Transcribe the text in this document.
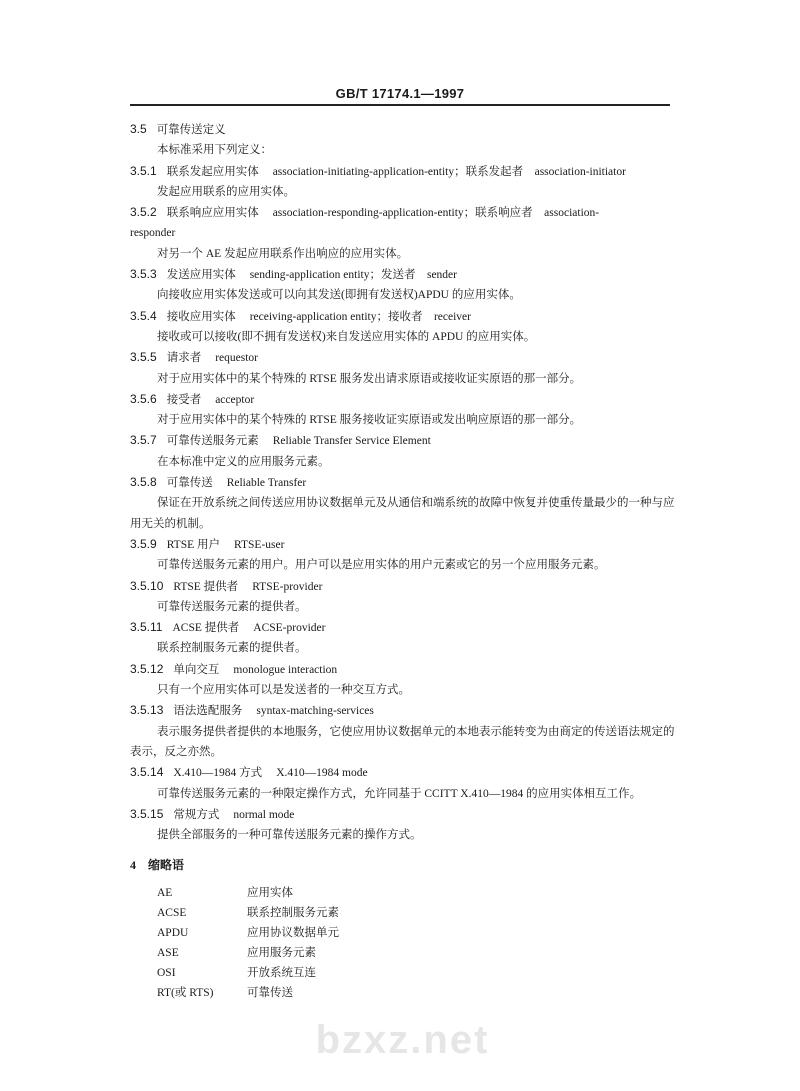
GB/T 17174.1—1997
3.5 可靠传送定义
本标准采用下列定义：
3.5.1 联系发起应用实体 association-initiating-application-entity；联系发起者　association-initiator
发起应用联系的应用实体。
3.5.2 联系响应应用实体 association-responding-application-entity；联系响应者　association-
responder
对另一个 AE 发起应用联系作出响应的应用实体。
3.5.3 发送应用实体 sending-application entity；发送者　sender
向接收应用实体发送或可以向其发送(即拥有发送权)APDU 的应用实体。
3.5.4 接收应用实体 receiving-application entity；接收者　receiver
接收或可以接收(即不拥有发送权)来自发送应用实体的 APDU 的应用实体。
3.5.5 请求者 requestor
对于应用实体中的某个特殊的 RTSE 服务发出请求原语或接收证实原语的那一部分。
3.5.6 接受者 acceptor
对于应用实体中的某个特殊的 RTSE 服务接收证实原语或发出响应原语的那一部分。
3.5.7 可靠传送服务元素 Reliable Transfer Service Element
在本标准中定义的应用服务元素。
3.5.8 可靠传送 Reliable Transfer
保证在开放系统之间传送应用协议数据单元及从通信和端系统的故障中恢复并使重传量最少的一种与应用无关的机制。
3.5.9 RTSE 用户 RTSE-user
可靠传送服务元素的用户。用户可以是应用实体的用户元素或它的另一个应用服务元素。
3.5.10 RTSE 提供者 RTSE-provider
可靠传送服务元素的提供者。
3.5.11 ACSE 提供者 ACSE-provider
联系控制服务元素的提供者。
3.5.12 单向交互 monologue interaction
只有一个应用实体可以是发送者的一种交互方式。
3.5.13 语法选配服务 syntax-matching-services
表示服务提供者提供的本地服务，它使应用协议数据单元的本地表示能转变为由商定的传送语法规定的表示，反之亦然。
3.5.14 X.410—1984 方式 X.410—1984 mode
可靠传送服务元素的一种限定操作方式，允许同基于 CCITT X.410—1984 的应用实体相互工作。
3.5.15 常规方式 normal mode
提供全部服务的一种可靠传送服务元素的操作方式。
4 缩略语
AE	应用实体
ACSE	联系控制服务元素
APDU	应用协议数据单元
ASE	应用服务元素
OSI	开放系统互连
RT(或 RTS)	可靠传送
bzxz.net
